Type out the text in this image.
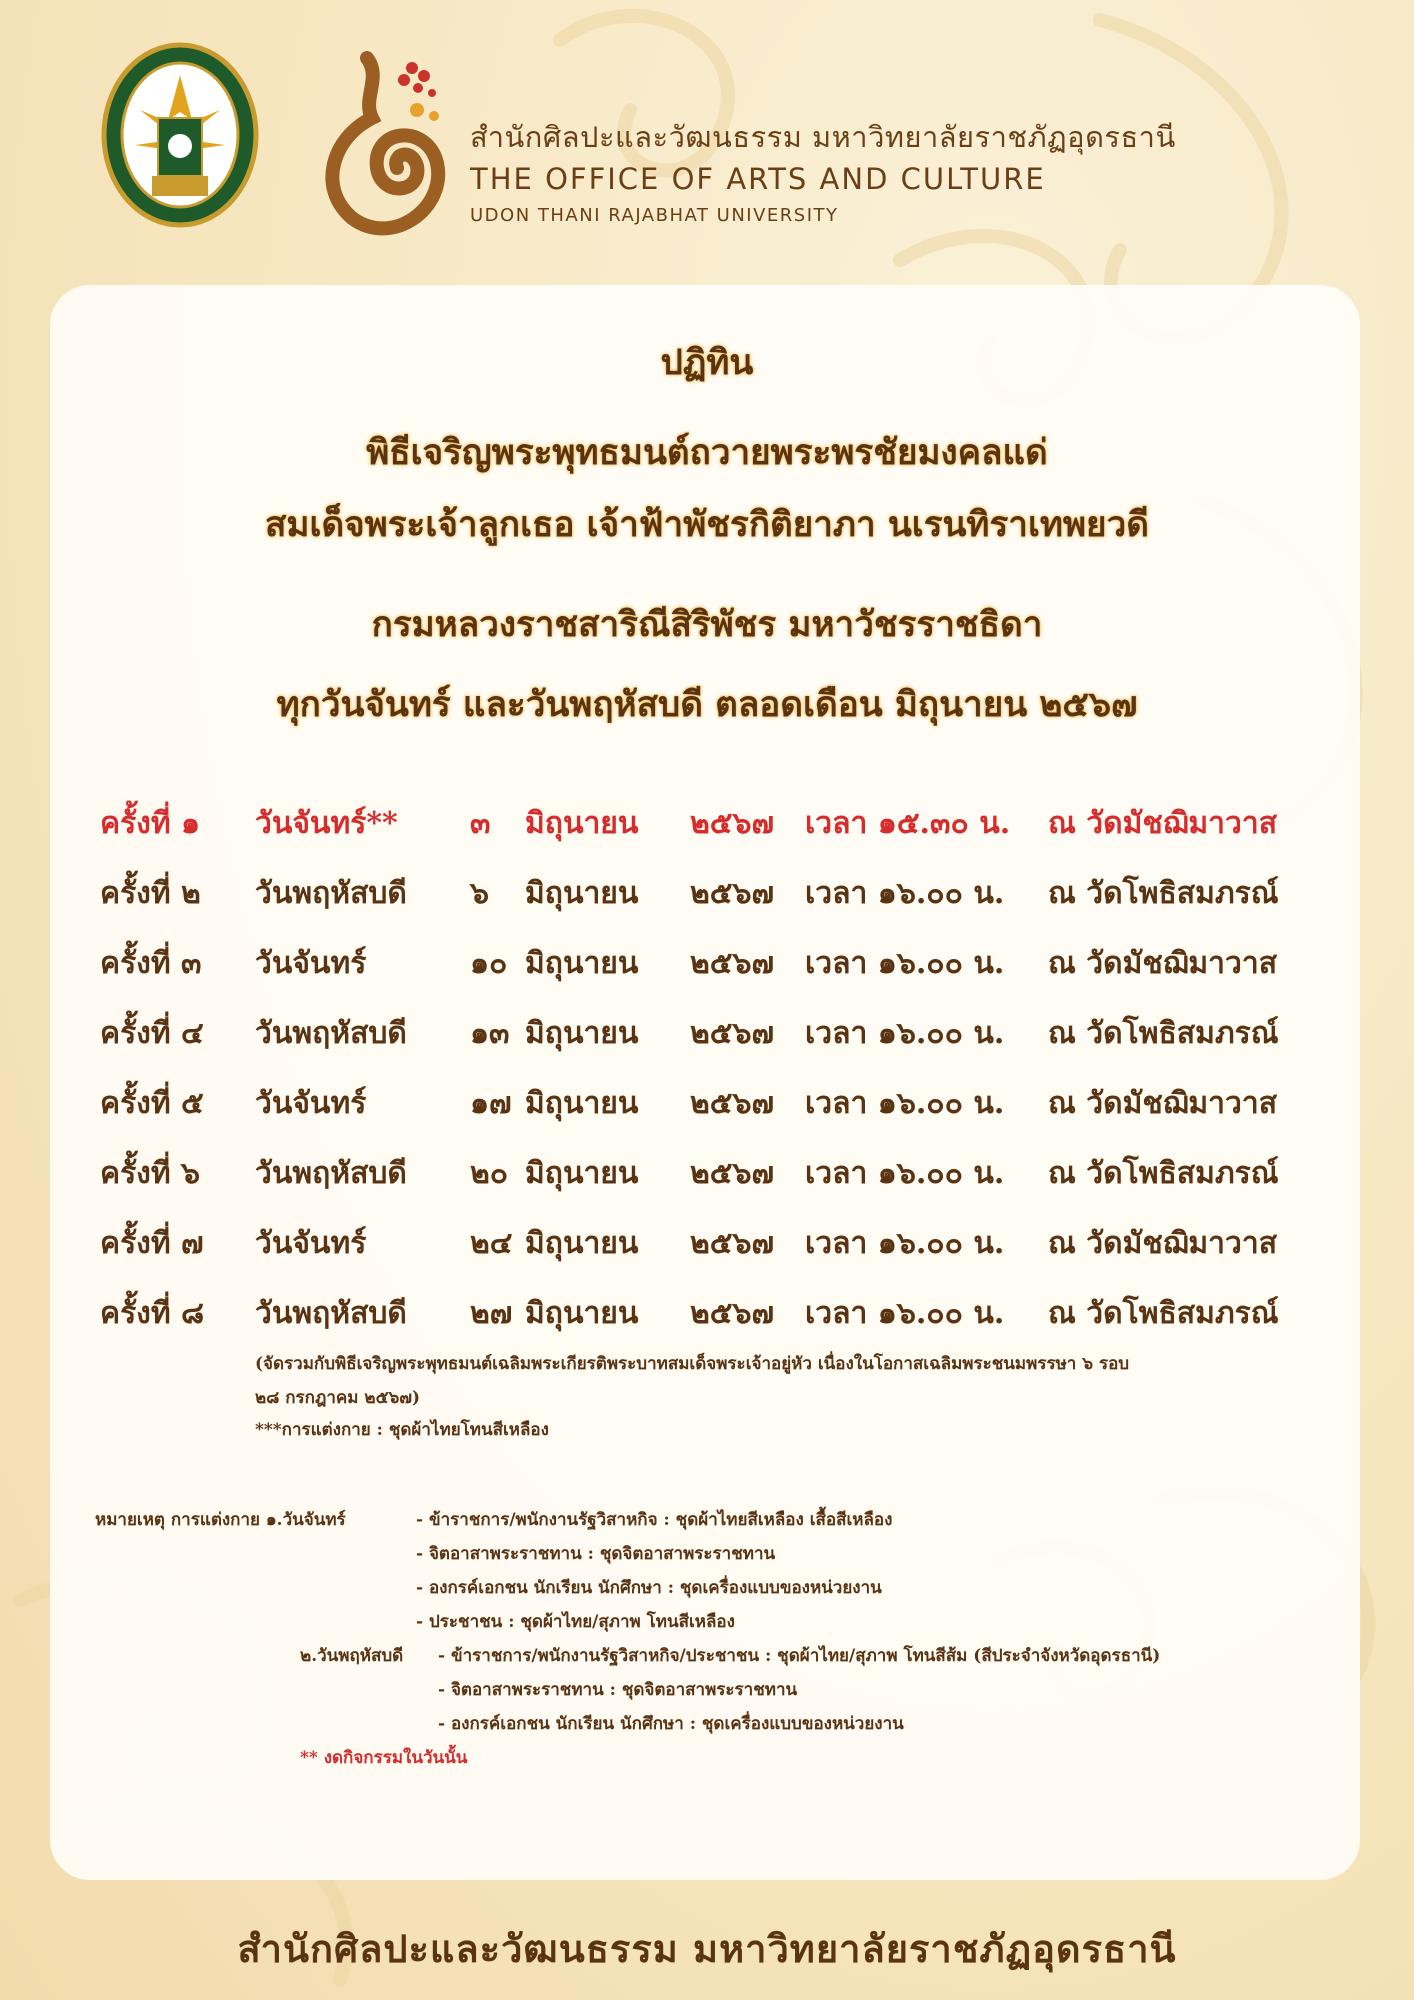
สำนักศิลปะและวัฒนธรรม มหาวิทยาลัยราชภัฏอุดรธานี
THE OFFICE OF ARTS AND CULTURE
UDON THANI RAJABHAT UNIVERSITY
ปฏิทิน
พิธีเจริญพระพุทธมนต์ถวายพระพรชัยมงคลแด่
สมเด็จพระเจ้าลูกเธอ เจ้าฟ้าพัชรกิติยาภา นเรนทิราเทพยวดี
กรมหลวงราชสาริณีสิริพัชร มหาวัชรราชธิดา
ทุกวันจันทร์ และวันพฤหัสบดี ตลอดเดือน มิถุนายน ๒๕๖๗
ครั้งที่ ๑ วันจันทร์** ๓ มิถุนายน ๒๕๖๗ เวลา ๑๕.๓๐ น. ณ วัดมัชฌิมาวาส
ครั้งที่ ๒ วันพฤหัสบดี ๖ มิถุนายน ๒๕๖๗ เวลา ๑๖.๐๐ น. ณ วัดโพธิสมภรณ์
ครั้งที่ ๓ วันจันทร์	๑๐ มิถุนายน ๒๕๖๗ เวลา ๑๖.๐๐ น. ณ วัดมัชฌิมาวาส
ครั้งที่ ๔ วันพฤหัสบดี ๑๓ มิถุนายน ๒๕๖๗ เวลา ๑๖.๐๐ น. ณ วัดโพธิสมภรณ์
ครั้งที่ ๕ วันจันทร์	๑๗ มิถุนายน ๒๕๖๗ เวลา ๑๖.๐๐ น. ณ วัดมัชฌิมาวาส
ครั้งที่ ๖ วันพฤหัสบดี ๒๐ มิถุนายน ๒๕๖๗ เวลา ๑๖.๐๐ น. ณ วัดโพธิสมภรณ์
ครั้งที่ ๗ วันจันทร์	๒๔ มิถุนายน ๒๕๖๗ เวลา ๑๖.๐๐ น. ณ วัดมัชฌิมาวาส
ครั้งที่ ๘ วันพฤหัสบดี ๒๗ มิถุนายน ๒๕๖๗ เวลา ๑๖.๐๐ น. ณ วัดโพธิสมภรณ์
(จัดรวมกับพิธีเจริญพระพุทธมนต์เฉลิมพระเกียรติพระบาทสมเด็จพระเจ้าอยู่หัว เนื่องในโอกาสเฉลิมพระชนมพรรษา ๖ รอบ
๒๘ กรกฎาคม ๒๕๖๗)
***การแต่งกาย : ชุดผ้าไทยโทนสีเหลือง
หมายเหตุ การแต่งกาย ๑.วันจันทร์	- ข้าราชการ/พนักงานรัฐวิสาหกิจ : ชุดผ้าไทยสีเหลือง เสื้อสีเหลือง
- จิตอาสาพระราชทาน : ชุดจิตอาสาพระราชทาน
- องกรค์เอกชน นักเรียน นักศึกษา : ชุดเครื่องแบบของหน่วยงาน
- ประชาชน : ชุดผ้าไทย/สุภาพ โทนสีเหลือง
๒.วันพฤหัสบดี - ข้าราชการ/พนักงานรัฐวิสาหกิจ/ประชาชน : ชุดผ้าไทย/สุภาพ โทนสีส้ม (สีประจำจังหวัดอุดรธานี)
- จิตอาสาพระราชทาน : ชุดจิตอาสาพระราชทาน
- องกรค์เอกชน นักเรียน นักศึกษา : ชุดเครื่องแบบของหน่วยงาน
** งดกิจกรรมในวันนั้น
สำนักศิลปะและวัฒนธรรม มหาวิทยาลัยราชภัฏอุดรธานี
